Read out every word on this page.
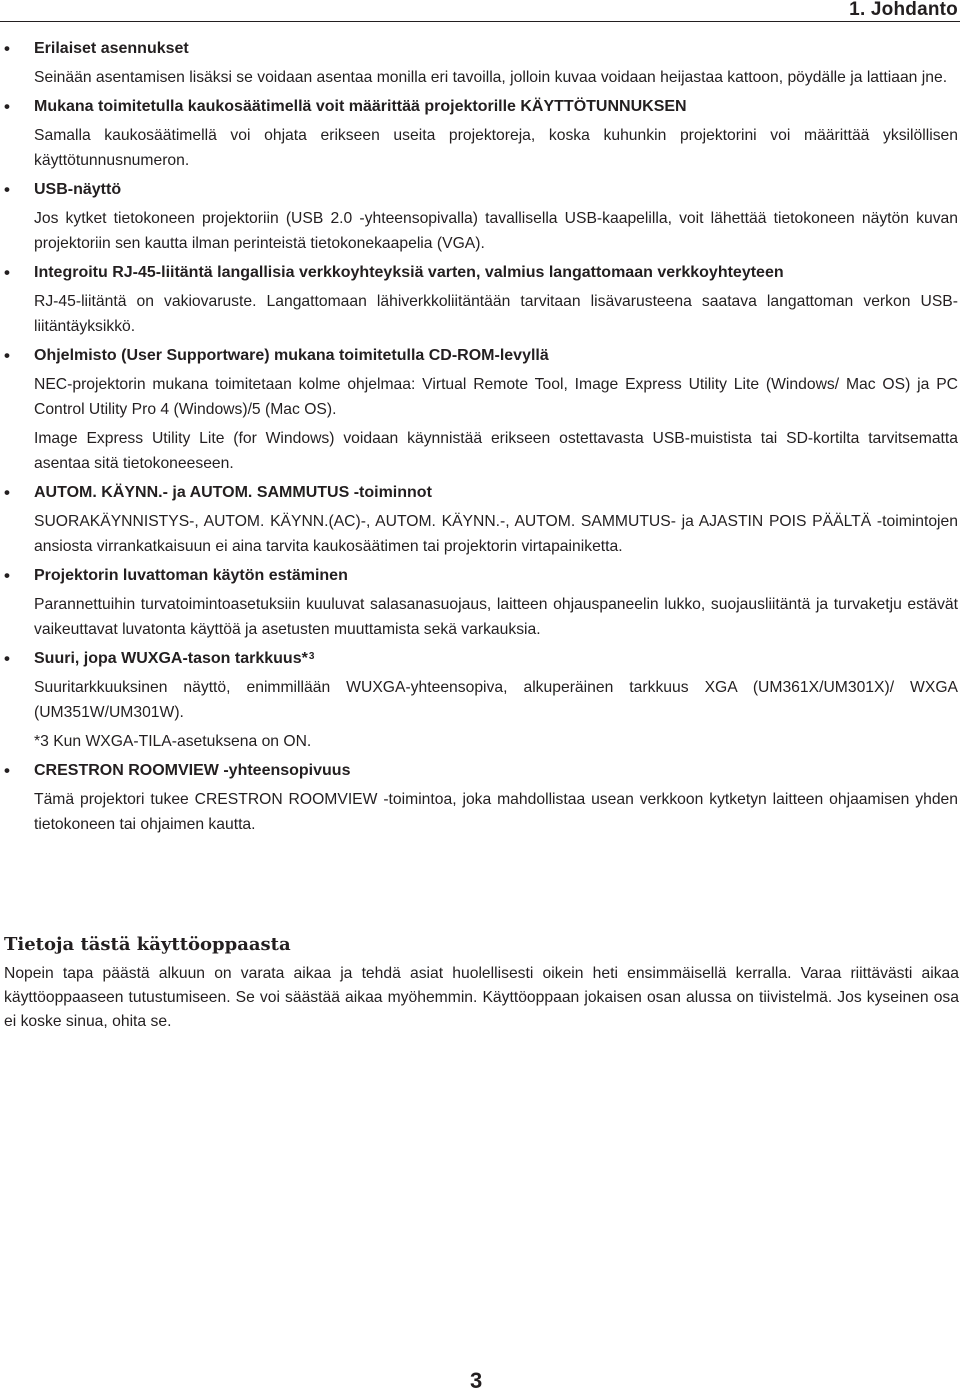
1. Johdanto
• Erilaiset asennukset

Seinään asentamisen lisäksi se voidaan asentaa monilla eri tavoilla, jolloin kuvaa voidaan heijastaa kattoon, pöydälle ja lattiaan jne.

• Mukana toimitetulla kaukosäätimellä voit määrittää projektorille KÄYTTÖTUNNUKSEN

Samalla kaukosäätimellä voi ohjata erikseen useita projektoreja, koska kuhunkin projektorini voi määrittää yksilöllisen käyttötunnusnumeron.

• USB-näyttö

Jos kytket tietokoneen projektoriin (USB 2.0 -yhteensopivalla) tavallisella USB-kaapelilla, voit lähettää tietokoneen näytön kuvan projektoriin sen kautta ilman perinteistä tietokonekaapelia (VGA).

• Integroitu RJ-45-liitäntä langallisia verkkoyhteyksiä varten, valmius langattomaan verkkoyhteyteen

RJ-45-liitäntä on vakiovaruste. Langattomaan lähiverkkoliitäntään tarvitaan lisävarusteena saatava langattoman verkon USB-liitäntäyksikkö.

• Ohjelmisto (User Supportware) mukana toimitetulla CD-ROM-levyllä

NEC-projektorin mukana toimitetaan kolme ohjelmaa: Virtual Remote Tool, Image Express Utility Lite (Windows/ Mac OS) ja PC Control Utility Pro 4 (Windows)/5 (Mac OS).

Image Express Utility Lite (for Windows) voidaan käynnistää erikseen ostettavasta USB-muistista tai SD-kortilta tarvitsematta asentaa sitä tietokoneeseen.

• AUTOM. KÄYNN.- ja AUTOM. SAMMUTUS -toiminnot

SUORAKÄYNNISTYS-, AUTOM. KÄYNN.(AC)-, AUTOM. KÄYNN.-, AUTOM. SAMMUTUS- ja AJASTIN POIS PÄÄLTÄ -toimintojen ansiosta virrankatkaisuun ei aina tarvita kaukosäätimen tai projektorin virtapainiketta.

• Projektorin luvattoman käytön estäminen

Parannettuihin turvatoimintoasetuksiin kuuluvat salasanasuojaus, laitteen ohjauspaneelin lukko, suojausliitäntä ja turvaketju estävät vaikeuttavat luvatonta käyttöä ja asetusten muuttamista sekä varkauksia.

• Suuri, jopa WUXGA-tason tarkkuus*$^3$

Suuritarkkuuksinen näyttö, enimmillään WUXGA-yhteensopiva, alkuperäinen tarkkuus XGA (UM361X/UM301X)/ WXGA (UM351W/UM301W).

*3 Kun WXGA-TILA-asetuksena on ON.

• CRESTRON ROOMVIEW -yhteensopivuus

Tämä projektori tukee CRESTRON ROOMVIEW -toimintoa, joka mahdollistaa usean verkkoon kytketyn laitteen ohjaamisen yhden tietokoneen tai ohjaimen kautta.

Tietoja tästä käyttöoppaasta

Nopein tapa päästä alkuun on varata aikaa ja tehdä asiat huolellisesti oikein heti ensimmäisellä kerralla. Varaa riittävästi aikaa käyttöoppaaseen tutustumiseen. Se voi säästää aikaa myöhemmin. Käyttöoppaan jokaisen osan alussa on tiivistelmä. Jos kyseinen osa ei koske sinua, ohita se.

3
